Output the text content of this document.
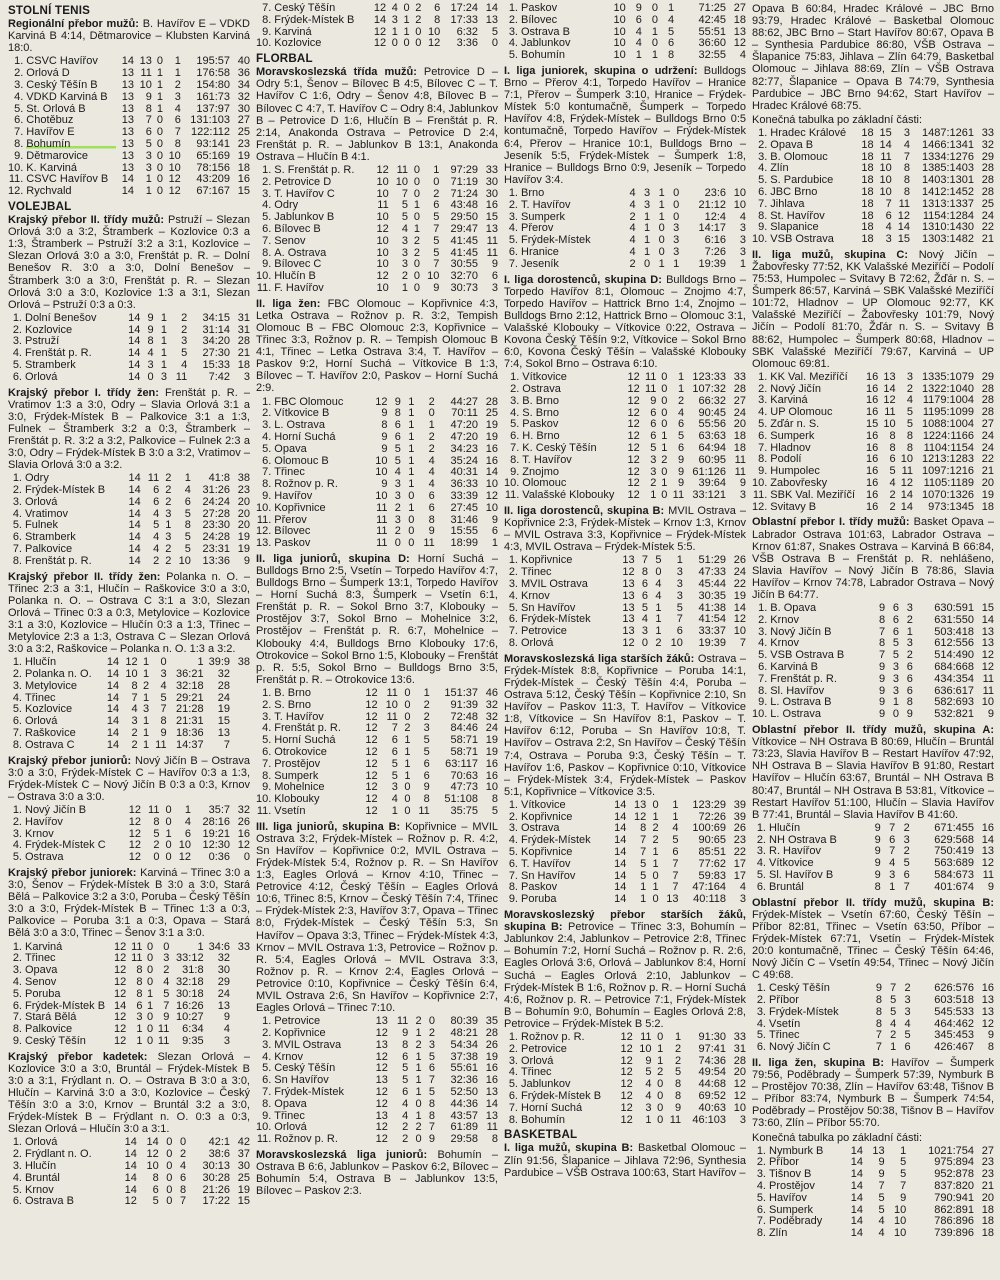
STOLNÍ TENIS
Regionální přebor mužů: B. Havířov E – VDKD Karviná B 4:14, Dětmarovice – Klubsten Karviná 18:0.
1.	CSVČ Havířov	14	13	0	1	195:57	40
2.	Orlová D	13	11	1	1	176:58	36
3.	Český Těšín B	13	10	1	2	154:80	34
4.	VDKD Karviná B	13	9	1	3	161:73	32
5.	St. Orlová B	13	8	1	4	137:97	30
6.	Chotěbuz	13	7	0	6	131:103	27
7.	Havířov E	13	6	0	7	122:112	25
8.	Bohumín	13	5	0	8	93:141	23
9.	Dětmarovice	13	3	0	10	65:169	19
10.	K. Karviná	13	3	0	10	78:156	18
11.	CSVČ Havířov B	14	1	0	12	43:209	16
12.	Rychvald	14	1	0	12	67:167	15
VOLEJBAL
Krajský přebor II. třídy mužů: Pstruží – Slezan Orlová 3:0 a 3:2, Štramberk – Kozlovice 0:3 a 1:3, Štramberk – Pstruží 3:2 a 3:1, Kozlovice – Slezan Orlová 3:0 a 3:0, Frenštát p. R. – Dolní Benešov R. 3:0 a 3:0, Dolní Benešov – Štramberk 3:0 a 3:0, Frenštát p. R. – Slezan Orlová 3:0 a 3:0, Kozlovice 1:3 a 3:1, Slezan Orlová – Pstruží 0:3 a 0:3.
1.	Dolní Benešov	14	9	1	2	34:15	31
2.	Kozlovice	14	9	1	2	31:14	31
3.	Pstruží	14	8	1	3	34:20	28
4.	Frenštát p. R.	14	4	1	5	27:30	21
5.	Štramberk	14	3	1	4	15:33	18
6.	Orlová	14	0	3	11	7:42	3
Krajský přebor I. třídy žen: Frenštát p. R. – Vratimov 1:3 a 3:0, Odry – Slavia Orlová 3:1 a 3:0, Frýdek-Místek B – Palkovice 3:1 a 1:3, Fulnek – Štramberk 3:2 a 0:3, Štramberk – Frenštát p. R. 3:2 a 3:2, Palkovice – Fulnek 2:3 a 3:0, Odry – Frýdek-Místek B 3:0 a 3:2, Vratimov – Slavia Orlová 3:0 a 3:2.
1.	Odry	14	11	2	1	41:8	38
2.	Frýdek-Místek B	14	6	2	4	31:26	23
3.	Orlová	14	6	2	6	24:24	20
4.	Vratimov	14	4	3	5	27:28	20
5.	Fulnek	14	5	1	8	23:30	20
6.	Štramberk	14	4	3	5	24:28	19
7.	Palkovice	14	4	2	5	23:31	19
8.	Frenštát p. R.	14	2	2	10	13:36	9
Krajský přebor II. třídy žen: Polanka n. O. – Třinec 2:3 a 3:1, Hlučín – Raškovice 3:0 a 3:0, Polanka n. O. – Ostrava C 3:1 a 3:0, Slezan Orlová – Třinec 0:3 a 0:3, Metylovice – Kozlovice 3:1 a 3:0, Kozlovice – Hlučín 0:3 a 1:3, Třinec – Metylovice 2:3 a 1:3, Ostrava C – Slezan Orlová 3:0 a 3:2, Raškovice – Polanka n. O. 1:3 a 3:2.
1.	Hlučín	14	12	1	0	1	39:9	38
2.	Polanka n. O.	14	10	1	3	36:21	32	
3.	Metylovice	14	8	2	4	32:18	28	
4.	Třinec	14	7	1	5	29:21	24	
5.	Kozlovice	14	4	3	7	21:28	19	
6.	Orlová	14	3	1	8	21:31	15	
7.	Raškovice	14	2	1	9	18:36	13	
8.	Ostrava C	14	2	1	11	14:37	7	
Krajský přebor juniorů: Nový Jičín B – Ostrava 3:0 a 3:0, Frýdek-Místek C – Havířov 0:3 a 1:3, Frýdek-Místek C – Nový Jičín B 0:3 a 0:3, Krnov – Ostrava 3:0 a 3:0.
1.	Nový Jičín B	12	11	0	1	35:7	32
2.	Havířov	12	8	0	4	28:16	26
3.	Krnov	12	5	1	6	19:21	16
4.	Frýdek-Místek C	12	2	0	10	12:30	12
5.	Ostrava	12	0	0	12	0:36	0
Krajský přebor juniorek: Karviná – Třinec 3:0 a 3:0, Šenov – Frýdek-Místek B 3:0 a 3:0, Stará Bělá – Palkovice 3:2 a 3:0, Poruba – Český Těšín 3:0 a 3:0, Frýdek-Místek B – Třinec 1:3 a 0:3, Palkovice – Poruba 3:1 a 0:3, Opava – Stará Bělá 3:0 a 3:0, Třinec – Šenov 3:1 a 3:0.
1.	Karviná	12	11	0	0	1	34:6	33
2.	Třinec	12	11	0	3	33:12	32	
3.	Opava	12	8	0	2	31:8	30	
4.	Šenov	12	8	0	4	32:18	29	
5.	Poruba	12	8	1	5	30:18	24	
6.	Frýdek-Místek B	14	6	1	7	16:26	13	
7.	Stará Bělá	12	3	0	9	10:27	9	
8.	Palkovice	12	1	0	11	6:34	4	
9.	Český Těšín	12	1	0	11	9:35	3	
Krajský přebor kadetek: Slezan Orlová – Kozlovice 3:0 a 3:0, Bruntál – Frýdek-Místek B 3:0 a 3:1, Frýdlant n. O. – Ostrava B 3:0 a 3:0, Hlučín – Karviná 3:0 a 3:0, Kozlovice – Český Těšín 3:0 a 3:0, Krnov – Bruntál 3:2 a 3:0, Frýdek-Místek B – Frýdlant n. O. 0:3 a 0:3, Slezan Orlová – Hlučín 3:0 a 3:1.
1.	Orlová	14	14	0	0	42:1	42
2.	Frýdlant n. O.	14	12	0	2	38:6	37
3.	Hlučín	14	10	0	4	30:13	30
4.	Bruntál	14	8	0	6	30:28	25
5.	Krnov	14	6	0	8	21:26	19
6.	Ostrava B	12	5	0	7	17:22	15
7.	Český Těšín	12	4	0	2	6	17:24	14
8.	Frýdek-Místek B	14	3	1	2	8	17:33	13
9.	Karviná	12	1	1	0	10	6:32	5
10.	Kozlovice	12	0	0	0	12	3:36	0
FLORBAL
Moravskoslezská třída mužů: Petrovice D – Odry 5:1, Šenov – Bílovec B 4:5, Bílovec C – T. Havířov C 1:6, Odry – Šenov 4:8, Bílovec B – Bílovec C 4:7, T. Havířov C – Odry 8:4, Jablunkov B – Petrovice D 1:6, Hlučín B – Frenštát p. R. 2:14, Anakonda Ostrava – Petrovice D 2:4, Frenštát p. R. – Jablunkov B 13:1, Anakonda Ostrava – Hlučín B 4:1.
1.	S. Frenštát p. R.	12	11	0	1	97:29	33
2.	Petrovice D	10	10	0	0	71:19	30
3.	T. Havířov C	10	7	0	2	71:24	30
4.	Odry	11	5	1	6	43:48	16
5.	Jablunkov B	10	5	0	5	29:50	15
6.	Bílovec B	12	4	1	7	29:47	13
7.	Šenov	10	3	2	5	41:45	11
8.	A. Ostrava	10	3	2	5	41:45	11
9.	Bílovec C	10	3	0	7	30:55	9
10.	Hlučín B	12	2	0	10	32:70	6
11.	F. Havířov	10	1	0	9	30:73	3
II. liga žen: FBC Olomouc – Kopřivnice 4:3, Letka Ostrava – Rožnov p. R. 3:2, Tempish Olomouc B – FBC Olomouc 2:3, Kopřivnice – Třinec 3:3, Rožnov p. R. – Tempish Olomouc B 4:1, Třinec – Letka Ostrava 3:4, T. Havířov – Paskov 9:2, Horní Suchá – Vítkovice B 1:3, Bílovec – T. Havířov 2:0, Paskov – Horní Suchá 2:9.
1.	FBC Olomouc	12	9	1	2	44:27	28
2.	Vítkovice B	9	8	1	0	70:11	25
3.	L. Ostrava	8	6	1	1	47:20	19
4.	Horní Suchá	9	6	1	2	47:20	19
5.	Opava	9	5	1	2	34:23	16
6.	Olomouc B	10	5	1	4	35:24	16
7.	Třinec	10	4	1	4	40:31	14
8.	Rožnov p. R.	9	3	1	4	36:33	10
9.	Havířov	10	3	0	6	33:39	12
10.	Kopřivnice	11	2	1	6	27:45	10
11.	Přerov	11	3	0	8	31:46	9
12.	Bílovec	11	2	0	9	15:55	6
13.	Paskov	11	0	0	11	18:99	1
II. liga juniorů, skupina D: Horní Suchá – Bulldogs Brno 2:5, Vsetín – Torpedo Havířov 4:7, Bulldogs Brno – Šumperk 13:1, Torpedo Havířov – Horní Suchá 8:3, Šumperk – Vsetín 6:1, Frenštát p. R. – Sokol Brno 3:7, Klobouky – Prostějov 3:7, Sokol Brno – Mohelnice 3:2, Prostějov – Frenštát p. R. 6:7, Mohelnice – Klobouky 4:4, Bulldogs Brno Klobouky 17:6, Otrokovice – Sokol Brno 1:5, Klobouky – Frenštát p. R. 5:5, Sokol Brno – Bulldogs Brno 3:5, Frenštát p. R. – Otrokovice 13:6.
1.	B. Brno	12	11	0	1	151:37	46
2.	S. Brno	12	10	0	2	91:39	32
3.	T. Havířov	12	11	0	2	72:48	32
4.	Frenštát p. R.	12	7	2	3	84:46	24
5.	Horní Suchá	12	6	1	5	58:71	19
6.	Otrokovice	12	6	1	5	58:71	19
7.	Prostějov	12	5	1	6	63:117	16
8.	Šumperk	12	5	1	6	70:63	16
9.	Mohelnice	12	3	0	9	47:73	10
10.	Klobouky	12	4	0	8	51:108	8
11.	Vsetín	12	1	0	11	35:75	5
III. liga juniorů, skupina B: Kopřivnice – MVIL Ostrava 3:2, Frýdek-Místek – Rožnov p. R. 4:2, Sn Havířov – Kopřivnice 0:2, MVIL Ostrava – Frýdek-Místek 5:4, Rožnov p. R. – Sn Havířov 1:3, Eagles Orlová – Krnov 4:10, Třinec – Petrovice 4:12, Český Těšín – Eagles Orlová 10:6, Třinec 8:5, Krnov – Český Těšín 7:4, Třinec – Frýdek-Místek 2:3, Havířov 3:7, Opava – Třinec 8:0, Frýdek-Místek – Český Těšín 5:3, Sn Havířov – Opava 3:3, Třinec – Frýdek-Místek 4:3, Krnov – MVIL Ostrava 1:3, Petrovice – Rožnov p. R. 5:4, Eagles Orlová – MVIL Ostrava 3:3, Rožnov p. R. – Krnov 2:4, Eagles Orlová – Petrovice 0:10, Kopřivnice – Český Těšín 6:4, MVIL Ostrava 2:6, Sn Havířov – Kopřivnice 2:7, Eagles Orlová – Třinec 7:10.
1.	Petrovice	13	11	2	0	80:39	35
2.	Kopřivnice	12	9	1	2	48:21	28
3.	MVIL Ostrava	13	8	2	3	54:34	26
4.	Krnov	12	6	1	5	37:38	19
5.	Český Těšín	12	5	1	6	55:61	16
6.	Sn Havířov	13	5	1	7	32:36	16
7.	Frýdek-Místek	12	6	1	5	52:50	13
8.	Opava	12	4	0	8	44:36	14
9.	Třinec	13	4	1	8	43:57	13
10.	Orlová	12	2	2	7	61:89	11
11.	Rožnov p. R.	12	2	0	9	29:58	8
Moravskoslezská liga juniorů: Bohumín – Ostrava B 6:6, Jablunkov – Paskov 6:2, Bílovec – Bohumín 5:4, Ostrava B – Jablunkov 13:5, Bílovec – Paskov 2:3.
1.	Paskov	10	9	0	1	71:25	27
2.	Bílovec	10	6	0	4	42:45	18
3.	Ostrava B	10	4	1	5	55:51	13
4.	Jablunkov	10	4	0	6	36:60	12
5.	Bohumín	10	1	1	8	32:55	4
I. liga juniorek, skupina o udržení: Bulldogs Brno – Přerov 4:1, Torpedo Havířov – Hranice 7:1, Přerov – Šumperk 3:10, Hranice – Frýdek-Místek 5:0 kontumačně, Šumperk – Torpedo Havířov 4:8, Frýdek-Místek – Bulldogs Brno 0:5 kontumačně, Torpedo Havířov – Frýdek-Místek 6:4, Přerov – Hranice 10:1, Bulldogs Brno – Jeseník 5:5, Frýdek-Místek – Šumperk 1:8, Hranice – Bulldogs Brno 0:9, Jeseník – Torpedo Havířov 3:4.
1.	Brno	4	3	1	0	23:6	10
2.	T. Havířov	4	3	1	0	21:12	10
3.	Šumperk	2	1	1	0	12:4	4
4.	Přerov	4	1	0	3	14:17	3
5.	Frýdek-Místek	4	1	0	3	6:16	3
6.	Hranice	4	1	0	3	7:26	3
7.	Jeseník	2	0	1	1	19:39	1
I. liga dorostenců, skupina D: Bulldogs Brno – Torpedo Havířov 8:1, Olomouc – Znojmo 4:7, Torpedo Havířov – Hattrick Brno 1:4, Znojmo – Bulldogs Brno 2:12, Hattrick Brno – Olomouc 3:1, Valašské Klobouky – Vítkovice 0:22, Ostrava – Kovona Český Těšín 9:2, Vítkovice – Sokol Brno 6:0, Kovona Český Těšín – Valašské Klobouky 7:4, Sokol Brno – Ostrava 6:10.
1.	Vítkovice	12	11	0	1	123:33	33
2.	Ostrava	12	11	0	1	107:32	28
3.	B. Brno	12	9	0	2	66:32	27
4.	S. Brno	12	6	0	4	90:45	24
5.	Paskov	12	6	0	6	55:56	20
6.	H. Brno	12	6	1	5	63:63	18
7.	K. Český Těšín	12	5	1	6	64:94	18
8.	T. Havířov	12	3	2	9	60:95	11
9.	Znojmo	12	3	0	9	61:126	11
10.	Olomouc	12	2	1	9	39:64	9
11.	Valašské Klobouky	12	1	0	11	33:121	3
II. liga dorostenců, skupina B: MVIL Ostrava – Kopřivnice 2:3, Frýdek-Místek – Krnov 1:3, Krnov – MVIL Ostrava 3:3, Kopřivnice – Frýdek-Místek 4:3, MVIL Ostrava – Frýdek-Místek 5:5.
1.	Kopřivnice	13	7	5	1	51:29	26
2.	Třinec	12	8	0	3	47:33	24
3.	MVIL Ostrava	13	6	4	3	45:44	22
4.	Krnov	13	6	4	3	30:35	19
5.	Sn Havířov	13	5	1	5	41:38	14
6.	Frýdek-Místek	13	4	1	7	41:54	12
7.	Petrovice	13	3	1	6	33:37	10
8.	Orlová	12	0	2	10	19:39	7
Moravskoslezská liga starších žáků: Ostrava – Frýdek-Místek 8:8, Kopřivnice – Poruba 14:1, Frýdek-Místek – Český Těšín 4:4, Poruba – Ostrava 5:12, Český Těšín – Kopřivnice 2:10, Sn Havířov – Paskov 11:3, T. Havířov – Vítkovice 1:8, Vítkovice – Sn Havířov 8:1, Paskov – T. Havířov 6:12, Poruba – Sn Havířov 10:8, T. Havířov – Ostrava 2:2, Sn Havířov – Český Těšín 7:4, Ostrava – Poruba 9:3, Český Těšín – T. Havířov 1:6, Paskov – Kopřivnice 0:10, Vítkovice – Frýdek-Místek 3:4, Frýdek-Místek – Paskov 5:1, Kopřivnice – Vítkovice 3:5.
1.	Vítkovice	14	13	0	1	123:29	39
2.	Kopřivnice	14	12	1	1	72:26	39
3.	Ostrava	14	8	2	4	100:69	26
4.	Frýdek-Místek	14	7	2	5	90:65	23
5.	Kopřivnice	14	7	1	6	85:51	22
6.	T. Havířov	14	5	1	7	77:62	17
7.	Sn Havířov	14	5	0	7	59:83	17
8.	Paskov	14	1	1	7	47:164	4
9.	Poruba	14	1	0	13	40:118	3
Moravskoslezský přebor starších žáků, skupina B: Petrovice – Třinec 3:3, Bohumín – Jablunkov 2:4, Jablunkov – Petrovice 2:8, Třinec – Bohumín 7:2, Horní Suchá – Rožnov p. R. 2:6, Eagles Orlová 3:6, Orlová – Jablunkov 8:4, Horní Suchá – Eagles Orlová 2:10, Jablunkov – Frýdek-Místek B 1:6, Rožnov p. R. – Horní Suchá 4:6, Rožnov p. R. – Petrovice 7:1, Frýdek-Místek B – Bohumín 9:0, Bohumín – Eagles Orlová 2:8, Petrovice – Frýdek-Místek B 5:2.
1.	Rožnov p. R.	12	11	0	1	91:30	33
2.	Petrovice	12	10	1	2	97:41	31
3.	Orlová	12	9	1	2	74:36	28
4.	Třinec	12	5	2	5	49:54	20
5.	Jablunkov	12	4	0	8	44:68	12
6.	Frýdek-Místek B	12	4	0	8	69:52	12
7.	Horní Suchá	12	3	0	9	40:63	10
8.	Bohumín	12	1	0	11	46:103	3
BASKETBAL
I. liga mužů, skupina B: Basketbal Olomouc – Zlín 91:56, Šlapanice – Jihlava 72:96, Synthesia Pardubice – VŠB Ostrava 100:63, Start Havířov –
Opava B 60:84, Hradec Králové – JBC Brno 93:79, Hradec Králové – Basketbal Olomouc 88:62, JBC Brno – Start Havířov 80:67, Opava B – Synthesia Pardubice 86:80, VŠB Ostrava – Šlapanice 75:83, Jihlava – Zlín 64:79, Basketbal Olomouc – Jihlava 88:69, Zlín – VŠB Ostrava 82:77, Šlapanice – Opava B 74:79, Synthesia Pardubice – JBC Brno 94:62, Start Havířov – Hradec Králové 68:75.
Konečná tabulka po základní části:
1.	Hradec Králové	18	15	3	1487:1261	33
2.	Opava B	18	14	4	1466:1341	32
3.	B. Olomouc	18	11	7	1334:1276	29
4.	Zlín	18	10	8	1385:1403	28
5.	S. Pardubice	18	10	8	1403:1301	28
6.	JBC Brno	18	10	8	1412:1452	28
7.	Jihlava	18	7	11	1313:1337	25
8.	St. Havířov	18	6	12	1154:1284	24
9.	Šlapanice	18	4	14	1310:1430	22
10.	VŠB Ostrava	18	3	15	1303:1482	21
II. liga mužů, skupina C: Nový Jičín – Žabovřesky 77:52, KK Valašské Meziříčí – Podolí 75:53, Humpolec – Svitavy B 72:62, Žďár n. S. – Šumperk 86:57, Karviná – SBK Valašské Meziříčí 101:72, Hladnov – UP Olomouc 92:77, KK Valašské Meziříčí – Žabovřesky 101:79, Nový Jičín – Podolí 81:70, Žďár n. S. – Svitavy B 88:62, Humpolec – Šumperk 80:68, Hladnov – SBK Valašské Meziříčí 79:67, Karviná – UP Olomouc 69:81.
1.	KK Val. Meziříčí	16	13	3	1335:1079	29
2.	Nový Jičín	16	14	2	1322:1040	28
3.	Karviná	16	12	4	1179:1004	28
4.	UP Olomouc	16	11	5	1195:1099	28
5.	Žďár n. S.	15	10	5	1088:1004	27
6.	Šumperk	16	8	8	1224:1166	24
7.	Hladnov	16	8	8	1104:1154	24
8.	Podolí	16	6	10	1213:1283	22
9.	Humpolec	16	5	11	1097:1216	21
10.	Žabovřesky	16	4	12	1105:1189	20
11.	SBK Val. Meziříčí	16	2	14	1070:1326	19
12.	Svitavy B	16	2	14	973:1345	18
Oblastní přebor I. třídy mužů: Basket Opava – Labrador Ostrava 101:63, Labrador Ostrava – Krnov 61:87, Snakes Ostrava – Karviná B 66:84, VŠB Ostrava B – Frenštát p. R. nehlášeno, Slavia Havířov – Nový Jičín B 78:86, Slavia Havířov – Krnov 74:78, Labrador Ostrava – Nový Jičín B 64:77.
1.	B. Opava	9	6	3	630:591	15
2.	Krnov	8	6	2	631:550	14
3.	Nový Jičín B	7	6	1	503:418	13
4.	Krnov	8	5	3	612:556	13
5.	VŠB Ostrava B	7	5	2	514:490	12
6.	Karviná B	9	3	6	684:668	12
7.	Frenštát p. R.	9	3	6	434:354	11
8.	Sl. Havířov	9	3	6	636:617	11
9.	L. Ostrava B	9	1	8	582:693	10
10.	L. Ostrava	9	0	9	532:821	9
Oblastní přebor II. třídy mužů, skupina A: Vítkovice – NH Ostrava B 80:69, Hlučín – Bruntál 73:23, Slavia Havířov B – Restart Havířov 47:92, NH Ostrava B – Slavia Havířov B 91:80, Restart Havířov – Hlučín 63:67, Bruntál – NH Ostrava B 80:47, Bruntál – NH Ostrava B 53:81, Vítkovice – Restart Havířov 51:100, Hlučín – Slavia Havířov B 77:41, Bruntál – Slavia Havířov B 41:60.
1.	Hlučín	9	7	2	671:455	16
2.	NH Ostrava B	9	6	3	629:568	14
3.	R. Havířov	9	7	2	750:419	13
4.	Vítkovice	9	4	5	563:689	12
5.	Sl. Havířov B	9	3	6	584:673	11
6.	Bruntál	8	1	7	401:674	9
Oblastní přebor II. třídy mužů, skupina B: Frýdek-Místek – Vsetín 67:60, Český Těšín – Příbor 82:81, Třinec – Vsetín 63:50, Příbor – Frýdek-Místek 67:71, Vsetín – Frýdek-Místek 20:0 kontumačně, Třinec – Český Těšín 64:46, Nový Jičín C – Vsetín 49:54, Třinec – Nový Jičín C 49:68.
1.	Český Těšín	9	7	2	626:576	16
2.	Příbor	8	5	3	603:518	13
3.	Frýdek-Místek	8	5	3	545:533	13
4.	Vsetín	8	4	4	464:462	12
5.	Třinec	7	2	5	345:453	9
6.	Nový Jičín C	7	1	6	426:467	8
II. liga žen, skupina B: Havířov – Šumperk 79:56, Poděbrady – Šumperk 57:39, Nymburk B – Prostějov 70:38, Zlín – Havířov 63:48, Tišnov B – Příbor 83:74, Nymburk B – Šumperk 74:54, Poděbrady – Prostějov 50:38, Tišnov B – Havířov 73:60, Zlín – Příbor 55:70.
Konečná tabulka po základní části:
1.	Nymburk B	14	13	1	1021:754	27
2.	Příbor	14	9	5	975:894	23
3.	Tišnov B	14	9	5	952:878	23
4.	Prostějov	14	7	7	837:820	21
5.	Havířov	14	5	9	790:941	20
6.	Šumperk	14	5	10	862:891	18
7.	Poděbrady	14	4	10	786:896	18
8.	Zlín	14	4	10	739:896	18
